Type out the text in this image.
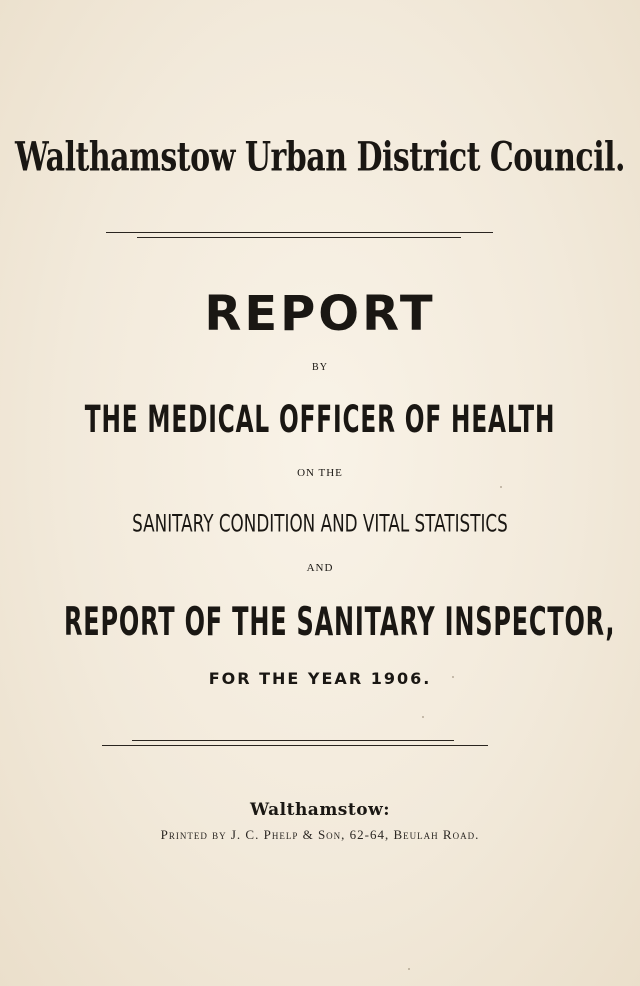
Walthamstow Urban District Council.
REPORT
BY
THE MEDICAL OFFICER OF HEALTH
ON THE
SANITARY CONDITION AND VITAL STATISTICS
AND
REPORT OF THE SANITARY INSPECTOR,
FOR THE YEAR 1906.
Walthamstow:
Printed by J. C. Phelp & Son, 62-64, Beulah Road.
